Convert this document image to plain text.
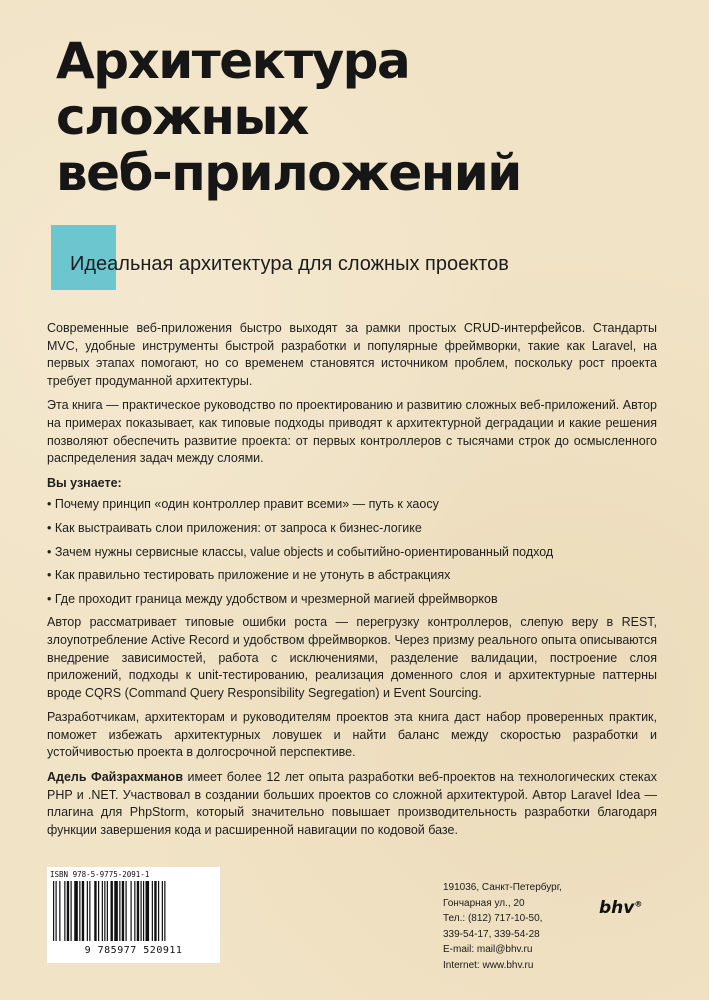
Архитектура
сложных
веб-приложений
Идеальная архитектура для сложных проектов

Современные веб-приложения быстро выходят за рамки простых CRUD-интерфейсов. Стандарты MVC, удобные инструменты быстрой разработки и популярные фреймворки, такие как Laravel, на первых этапах помогают, но со временем становятся источником проблем, поскольку рост проекта требует продуманной архитектуры.

Эта книга — практическое руководство по проектированию и развитию сложных веб-приложений. Автор на примерах показывает, как типовые подходы приводят к архитектурной деградации и какие решения позволяют обеспечить развитие проекта: от первых контроллеров с тысячами строк до осмысленного распределения задач между слоями.

Вы узнаете:
• Почему принцип «один контроллер правит всеми» — путь к хаосу
• Как выстраивать слои приложения: от запроса к бизнес-логике
• Зачем нужны сервисные классы, value objects и событийно-ориентированный подход
• Как правильно тестировать приложение и не утонуть в абстракциях
• Где проходит граница между удобством и чрезмерной магией фреймворков

Автор рассматривает типовые ошибки роста — перегрузку контроллеров, слепую веру в REST, злоупотребление Active Record и удобством фреймворков. Через призму реального опыта описываются внедрение зависимостей, работа с исключениями, разделение валидации, построение слоя приложений, подходы к unit-тестированию, реализация доменного слоя и архитектурные паттерны вроде CQRS (Command Query Responsibility Segregation) и Event Sourcing.

Разработчикам, архитекторам и руководителям проектов эта книга даст набор проверенных практик, поможет избежать архитектурных ловушек и найти баланс между скоростью разработки и устойчивостью проекта в долгосрочной перспективе.

Адель Файзрахманов имеет более 12 лет опыта разработки веб-проектов на технологических стеках PHP и .NET. Участвовал в создании больших проектов со сложной архитектурой. Автор Laravel Idea — плагина для PhpStorm, который значительно повышает производительность разработки благодаря функции завершения кода и расширенной навигации по кодовой базе.

ISBN 978-5-9775-2091-1
9 785977 520911
191036, Санкт-Петербург,
Гончарная ул., 20
Тел.: (812) 717-10-50,
339-54-17, 339-54-28
E-mail: mail@bhv.ru
Internet: www.bhv.ru
bhv®
